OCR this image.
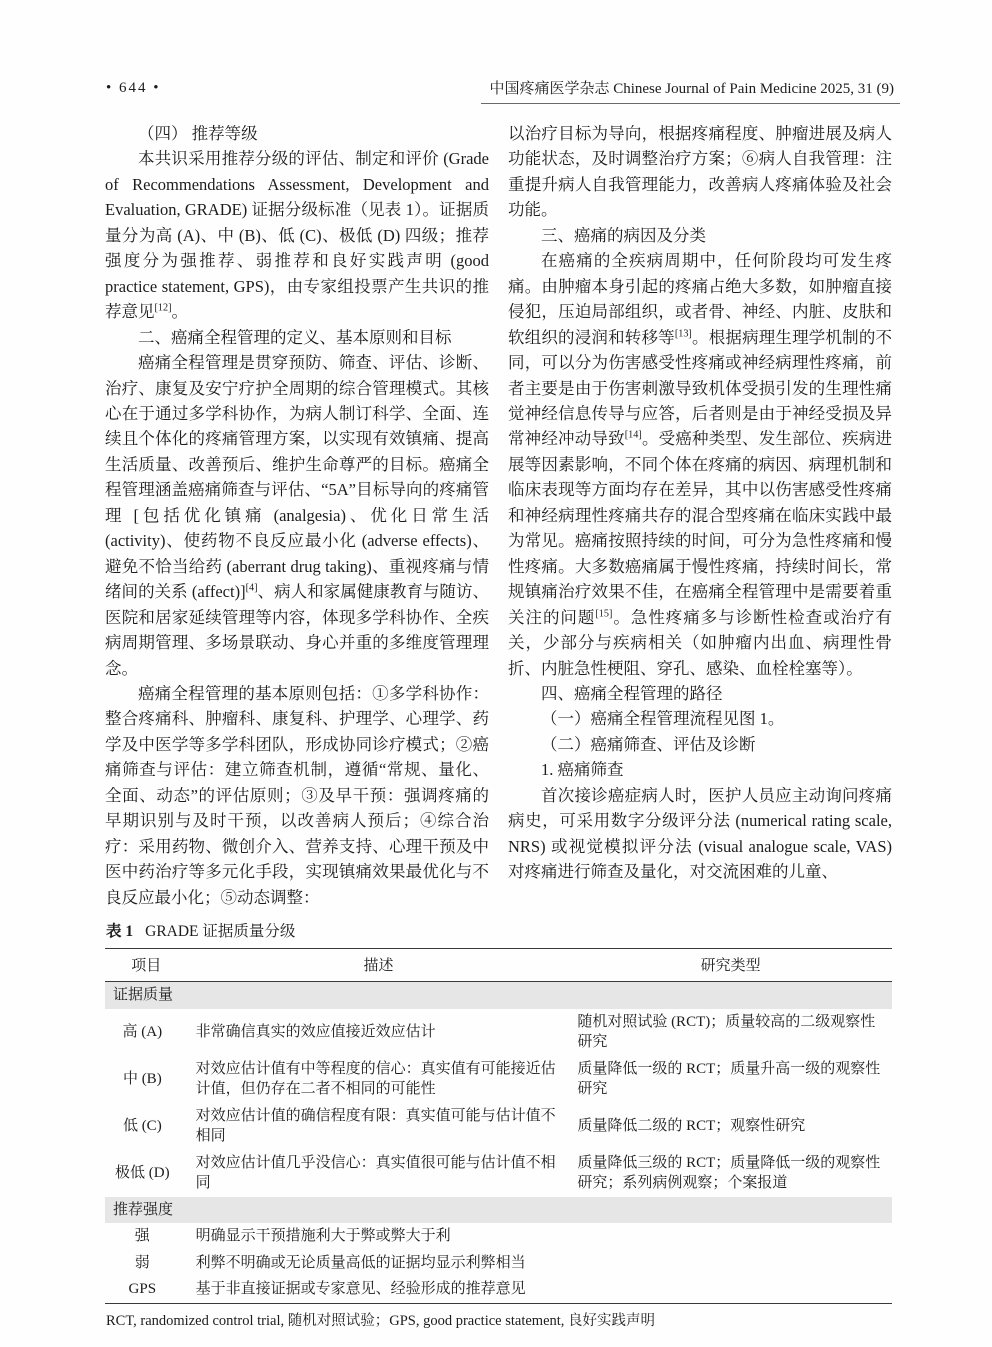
• 644 •	中国疼痛医学杂志 Chinese Journal of Pain Medicine 2025, 31 (9)

（四） 推荐等级

本共识采用推荐分级的评估、制定和评价 (Grade of Recommendations Assessment, Development and Evaluation, GRADE) 证据分级标准（见表 1）。证据质量分为高 (A)、中 (B)、低 (C)、极低 (D) 四级；推荐强度分为强推荐、弱推荐和良好实践声明 (good practice statement, GPS)，由专家组投票产生共识的推荐意见[12]。

二、癌痛全程管理的定义、基本原则和目标

癌痛全程管理是贯穿预防、筛查、评估、诊断、治疗、康复及安宁疗护全周期的综合管理模式。其核心在于通过多学科协作，为病人制订科学、全面、连续且个体化的疼痛管理方案，以实现有效镇痛、提高生活质量、改善预后、维护生命尊严的目标。癌痛全程管理涵盖癌痛筛查与评估、“5A”目标导向的疼痛管理 [包括优化镇痛 (analgesia)、优化日常生活 (activity)、使药物不良反应最小化 (adverse effects)、避免不恰当给药 (aberrant drug taking)、重视疼痛与情绪间的关系 (affect)][4]、病人和家属健康教育与随访、医院和居家延续管理等内容，体现多学科协作、全疾病周期管理、多场景联动、身心并重的多维度管理理念。

癌痛全程管理的基本原则包括：①多学科协作：整合疼痛科、肿瘤科、康复科、护理学、心理学、药学及中医学等多学科团队，形成协同诊疗模式；②癌痛筛查与评估：建立筛查机制，遵循“常规、量化、全面、动态”的评估原则；③及早干预：强调疼痛的早期识别与及时干预，以改善病人预后；④综合治疗：采用药物、微创介入、营养支持、心理干预及中医中药治疗等多元化手段，实现镇痛效果最优化与不良反应最小化；⑤动态调整：

以治疗目标为导向，根据疼痛程度、肿瘤进展及病人功能状态，及时调整治疗方案；⑥病人自我管理：注重提升病人自我管理能力，改善病人疼痛体验及社会功能。

三、癌痛的病因及分类

在癌痛的全疾病周期中，任何阶段均可发生疼痛。由肿瘤本身引起的疼痛占绝大多数，如肿瘤直接侵犯，压迫局部组织，或者骨、神经、内脏、皮肤和软组织的浸润和转移等[13]。根据病理生理学机制的不同，可以分为伤害感受性疼痛或神经病理性疼痛，前者主要是由于伤害刺激导致机体受损引发的生理性痛觉神经信息传导与应答，后者则是由于神经受损及异常神经冲动导致[14]。受癌种类型、发生部位、疾病进展等因素影响，不同个体在疼痛的病因、病理机制和临床表现等方面均存在差异，其中以伤害感受性疼痛和神经病理性疼痛共存的混合型疼痛在临床实践中最为常见。癌痛按照持续的时间，可分为急性疼痛和慢性疼痛。大多数癌痛属于慢性疼痛，持续时间长，常规镇痛治疗效果不佳，在癌痛全程管理中是需要着重关注的问题[15]。急性疼痛多与诊断性检查或治疗有关，少部分与疾病相关（如肿瘤内出血、病理性骨折、内脏急性梗阻、穿孔、感染、血栓栓塞等）。

四、癌痛全程管理的路径

（一）癌痛全程管理流程见图 1。

（二）癌痛筛查、评估及诊断

1. 癌痛筛查

首次接诊癌症病人时，医护人员应主动询问疼痛病史，可采用数字分级评分法 (numerical rating scale, NRS) 或视觉模拟评分法 (visual analogue scale, VAS) 对疼痛进行筛查及量化，对交流困难的儿童、

表 1 GRADE 证据质量分级
项目	描述	研究类型
证据质量		
高 (A)	非常确信真实的效应值接近效应估计	随机对照试验 (RCT)；质量较高的二级观察性研究
中 (B)	对效应估计值有中等程度的信心：真实值有可能接近估计值，但仍存在二者不相同的可能性	质量降低一级的 RCT；质量升高一级的观察性研究
低 (C)	对效应估计值的确信程度有限：真实值可能与估计值不相同	质量降低二级的 RCT；观察性研究
极低 (D)	对效应估计值几乎没信心：真实值很可能与估计值不相同	质量降低三级的 RCT；质量降低一级的观察性研究；系列病例观察；个案报道
推荐强度		
强	明确显示干预措施利大于弊或弊大于利	
弱	利弊不明确或无论质量高低的证据均显示利弊相当	
GPS	基于非直接证据或专家意见、经验形成的推荐意见	
RCT, randomized control trial, 随机对照试验；GPS, good practice statement, 良好实践声明
